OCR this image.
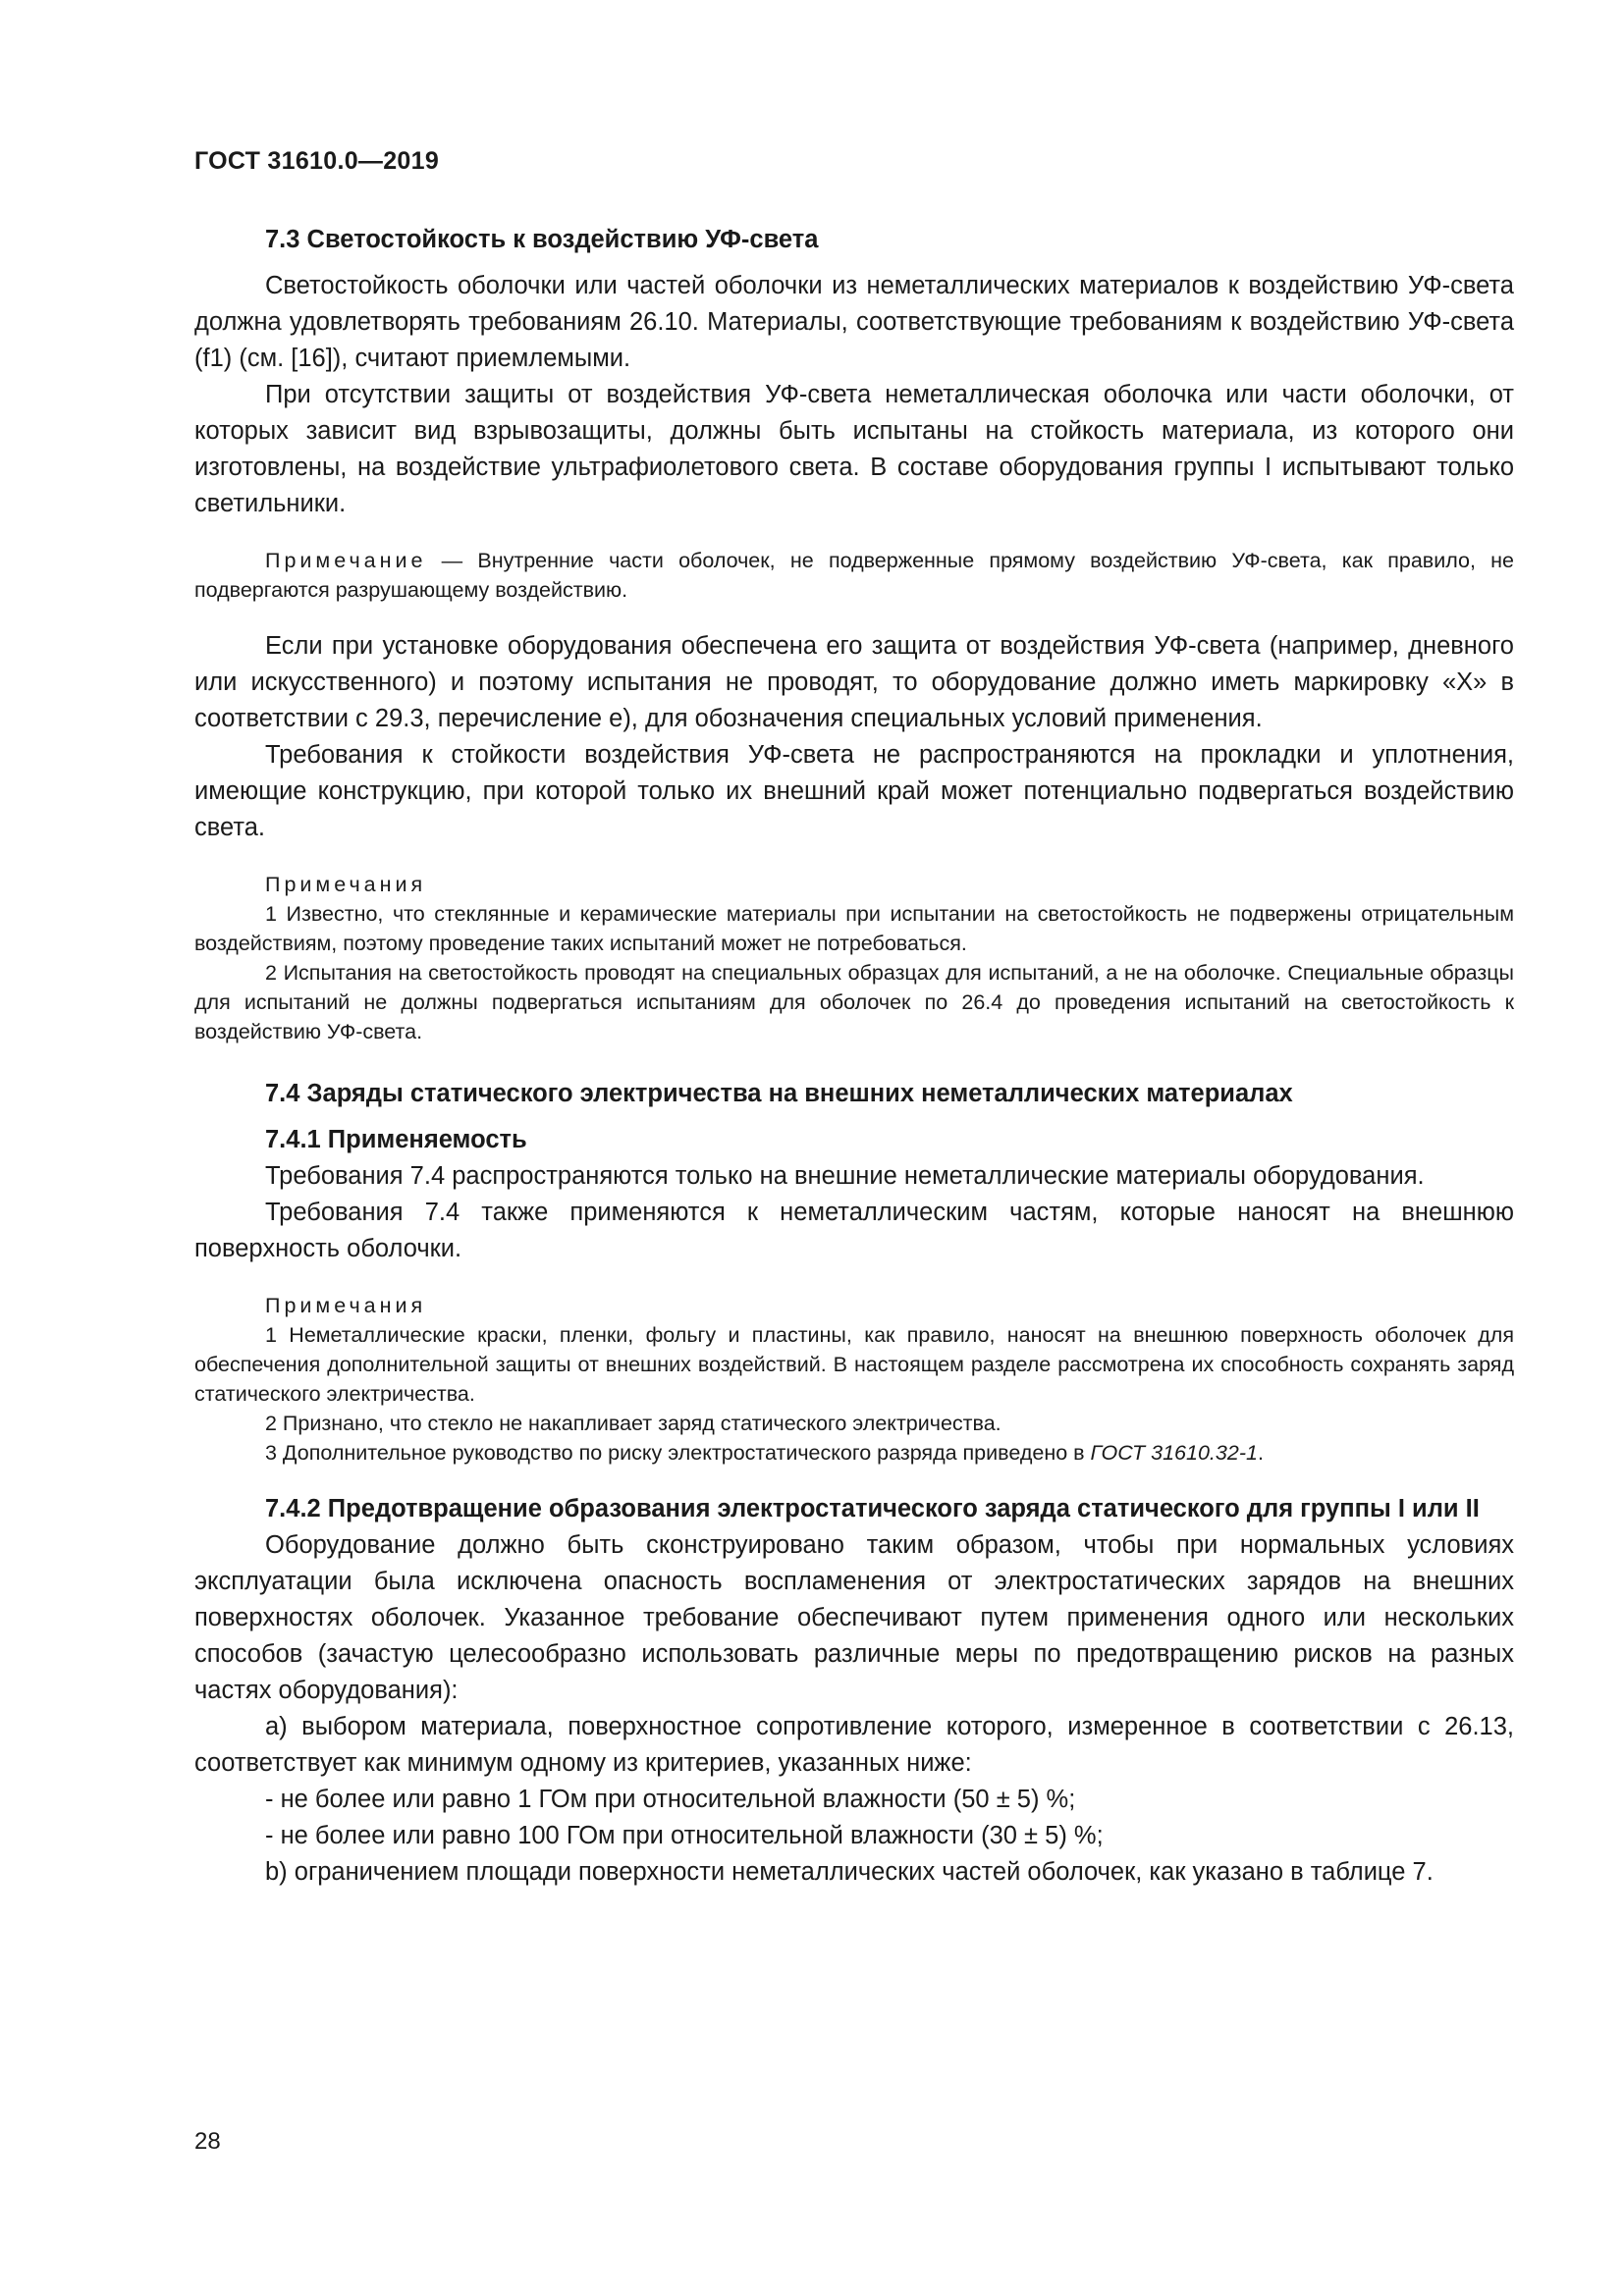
ГОСТ 31610.0—2019

7.3 Светостойкость к воздействию УФ-света

Светостойкость оболочки или частей оболочки из неметаллических материалов к воздействию УФ-света должна удовлетворять требованиям 26.10. Материалы, соответствующие требованиям к воздействию УФ-света (f1) (см. [16]), считают приемлемыми.

При отсутствии защиты от воздействия УФ-света неметаллическая оболочка или части оболочки, от которых зависит вид взрывозащиты, должны быть испытаны на стойкость материала, из которого они изготовлены, на воздействие ультрафиолетового света. В составе оборудования группы I испытывают только светильники.

Примечание — Внутренние части оболочек, не подверженные прямому воздействию УФ-света, как правило, не подвергаются разрушающему воздействию.

Если при установке оборудования обеспечена его защита от воздействия УФ-света (например, дневного или искусственного) и поэтому испытания не проводят, то оборудование должно иметь маркировку «Х» в соответствии с 29.3, перечисление е), для обозначения специальных условий применения.

Требования к стойкости воздействия УФ-света не распространяются на прокладки и уплотнения, имеющие конструкцию, при которой только их внешний край может потенциально подвергаться воздействию света.

Примечания

1 Известно, что стеклянные и керамические материалы при испытании на светостойкость не подвержены отрицательным воздействиям, поэтому проведение таких испытаний может не потребоваться.

2 Испытания на светостойкость проводят на специальных образцах для испытаний, а не на оболочке. Специальные образцы для испытаний не должны подвергаться испытаниям для оболочек по 26.4 до проведения испытаний на светостойкость к воздействию УФ-света.

7.4 Заряды статического электричества на внешних неметаллических материалах

7.4.1 Применяемость

Требования 7.4 распространяются только на внешние неметаллические материалы оборудования.

Требования 7.4 также применяются к неметаллическим частям, которые наносят на внешнюю поверхность оболочки.

Примечания

1 Неметаллические краски, пленки, фольгу и пластины, как правило, наносят на внешнюю поверхность оболочек для обеспечения дополнительной защиты от внешних воздействий. В настоящем разделе рассмотрена их способность сохранять заряд статического электричества.

2 Признано, что стекло не накапливает заряд статического электричества.

3 Дополнительное руководство по риску электростатического разряда приведено в ГОСТ 31610.32-1.

7.4.2 Предотвращение образования электростатического заряда статического для группы I или II

Оборудование должно быть сконструировано таким образом, чтобы при нормальных условиях эксплуатации была исключена опасность воспламенения от электростатических зарядов на внешних поверхностях оболочек. Указанное требование обеспечивают путем применения одного или нескольких способов (зачастую целесообразно использовать различные меры по предотвращению рисков на разных частях оборудования):

a) выбором материала, поверхностное сопротивление которого, измеренное в соответствии с 26.13, соответствует как минимум одному из критериев, указанных ниже:

- не более или равно 1 ГОм при относительной влажности (50 ± 5) %;

- не более или равно 100 ГОм при относительной влажности (30 ± 5) %;

b) ограничением площади поверхности неметаллических частей оболочек, как указано в таблице 7.

28
